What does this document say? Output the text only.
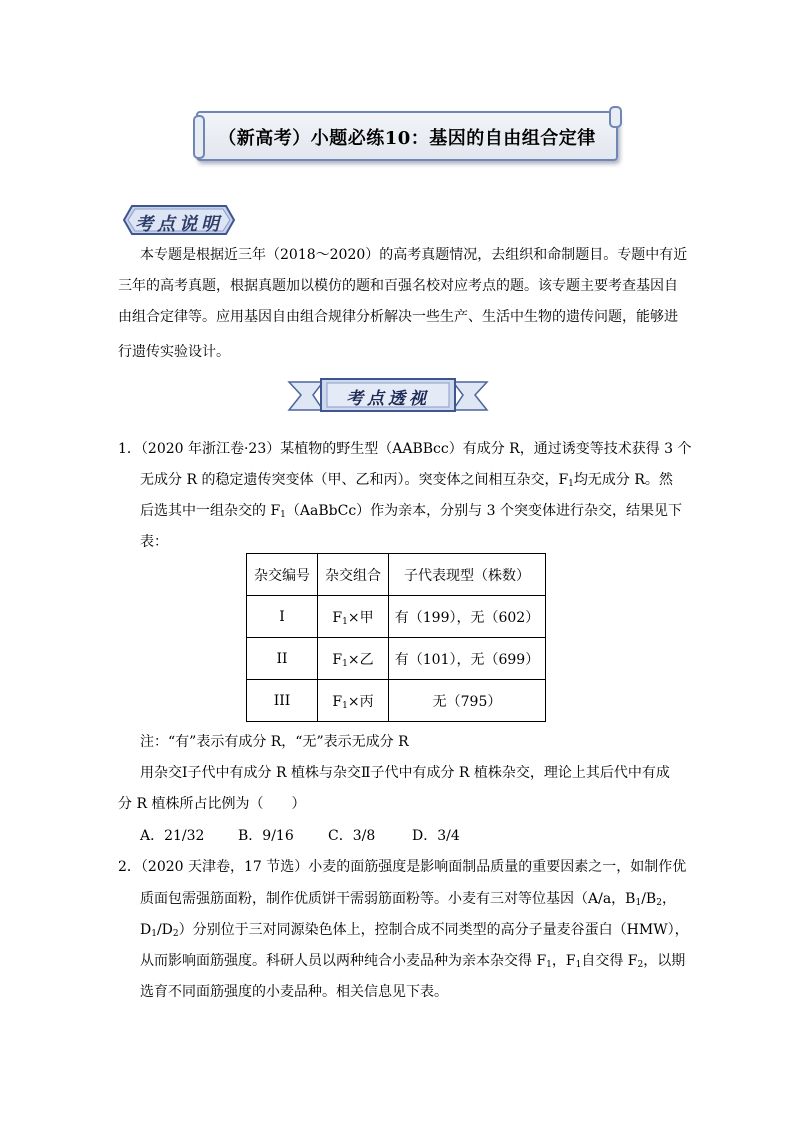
（新高考）小题必练10：基因的自由组合定律
考点说明
本专题是根据近三年（2018～2020）的高考真题情况，去组织和命制题目。专题中有近
三年的高考真题，根据真题加以模仿的题和百强名校对应考点的题。该专题主要考查基因自
由组合定律等。应用基因自由组合规律分析解决一些生产、生活中生物的遗传问题，能够进
行遗传实验设计。
考点透视
1．（2020 年浙江卷·23）某植物的野生型（AABBcc）有成分 R，通过诱变等技术获得 3 个
无成分 R 的稳定遗传突变体（甲、乙和丙）。突变体之间相互杂交，$F_1$均无成分 R。然
后选其中一组杂交的 $F_1(AaBbCc)$作为亲本，分别与 3 个突变体进行杂交，结果见下
表：
杂交编号	杂交组合	子代表现型（株数）
I	$F_1\times$甲	有（199），无（602）
II	$F_1\times$乙	有（101），无（699）
III	$F_1\times$丙	无（795）
注：“有”表示有成分 R，“无”表示无成分 R
用杂交Ⅰ子代中有成分 R 植株与杂交Ⅱ子代中有成分 R 植株杂交，理论上其后代中有成
分 R 植株所占比例为（　　）
A．21/32 B．9/16 C．3/8	D．3/4
2．（2020 天津卷，17 节选）小麦的面筋强度是影响面制品质量的重要因素之一，如制作优
质面包需强筋面粉，制作优质饼干需弱筋面粉等。小麦有三对等位基因（A/a，$B_1/B_2$，
$D_1/D_2$）分别位于三对同源染色体上，控制合成不同类型的高分子量麦谷蛋白（HMW），
从而影响面筋强度。科研人员以两种纯合小麦品种为亲本杂交得 $F_1$，$F_1$自交得 $F_2$，以期
选育不同面筋强度的小麦品种。相关信息见下表。
